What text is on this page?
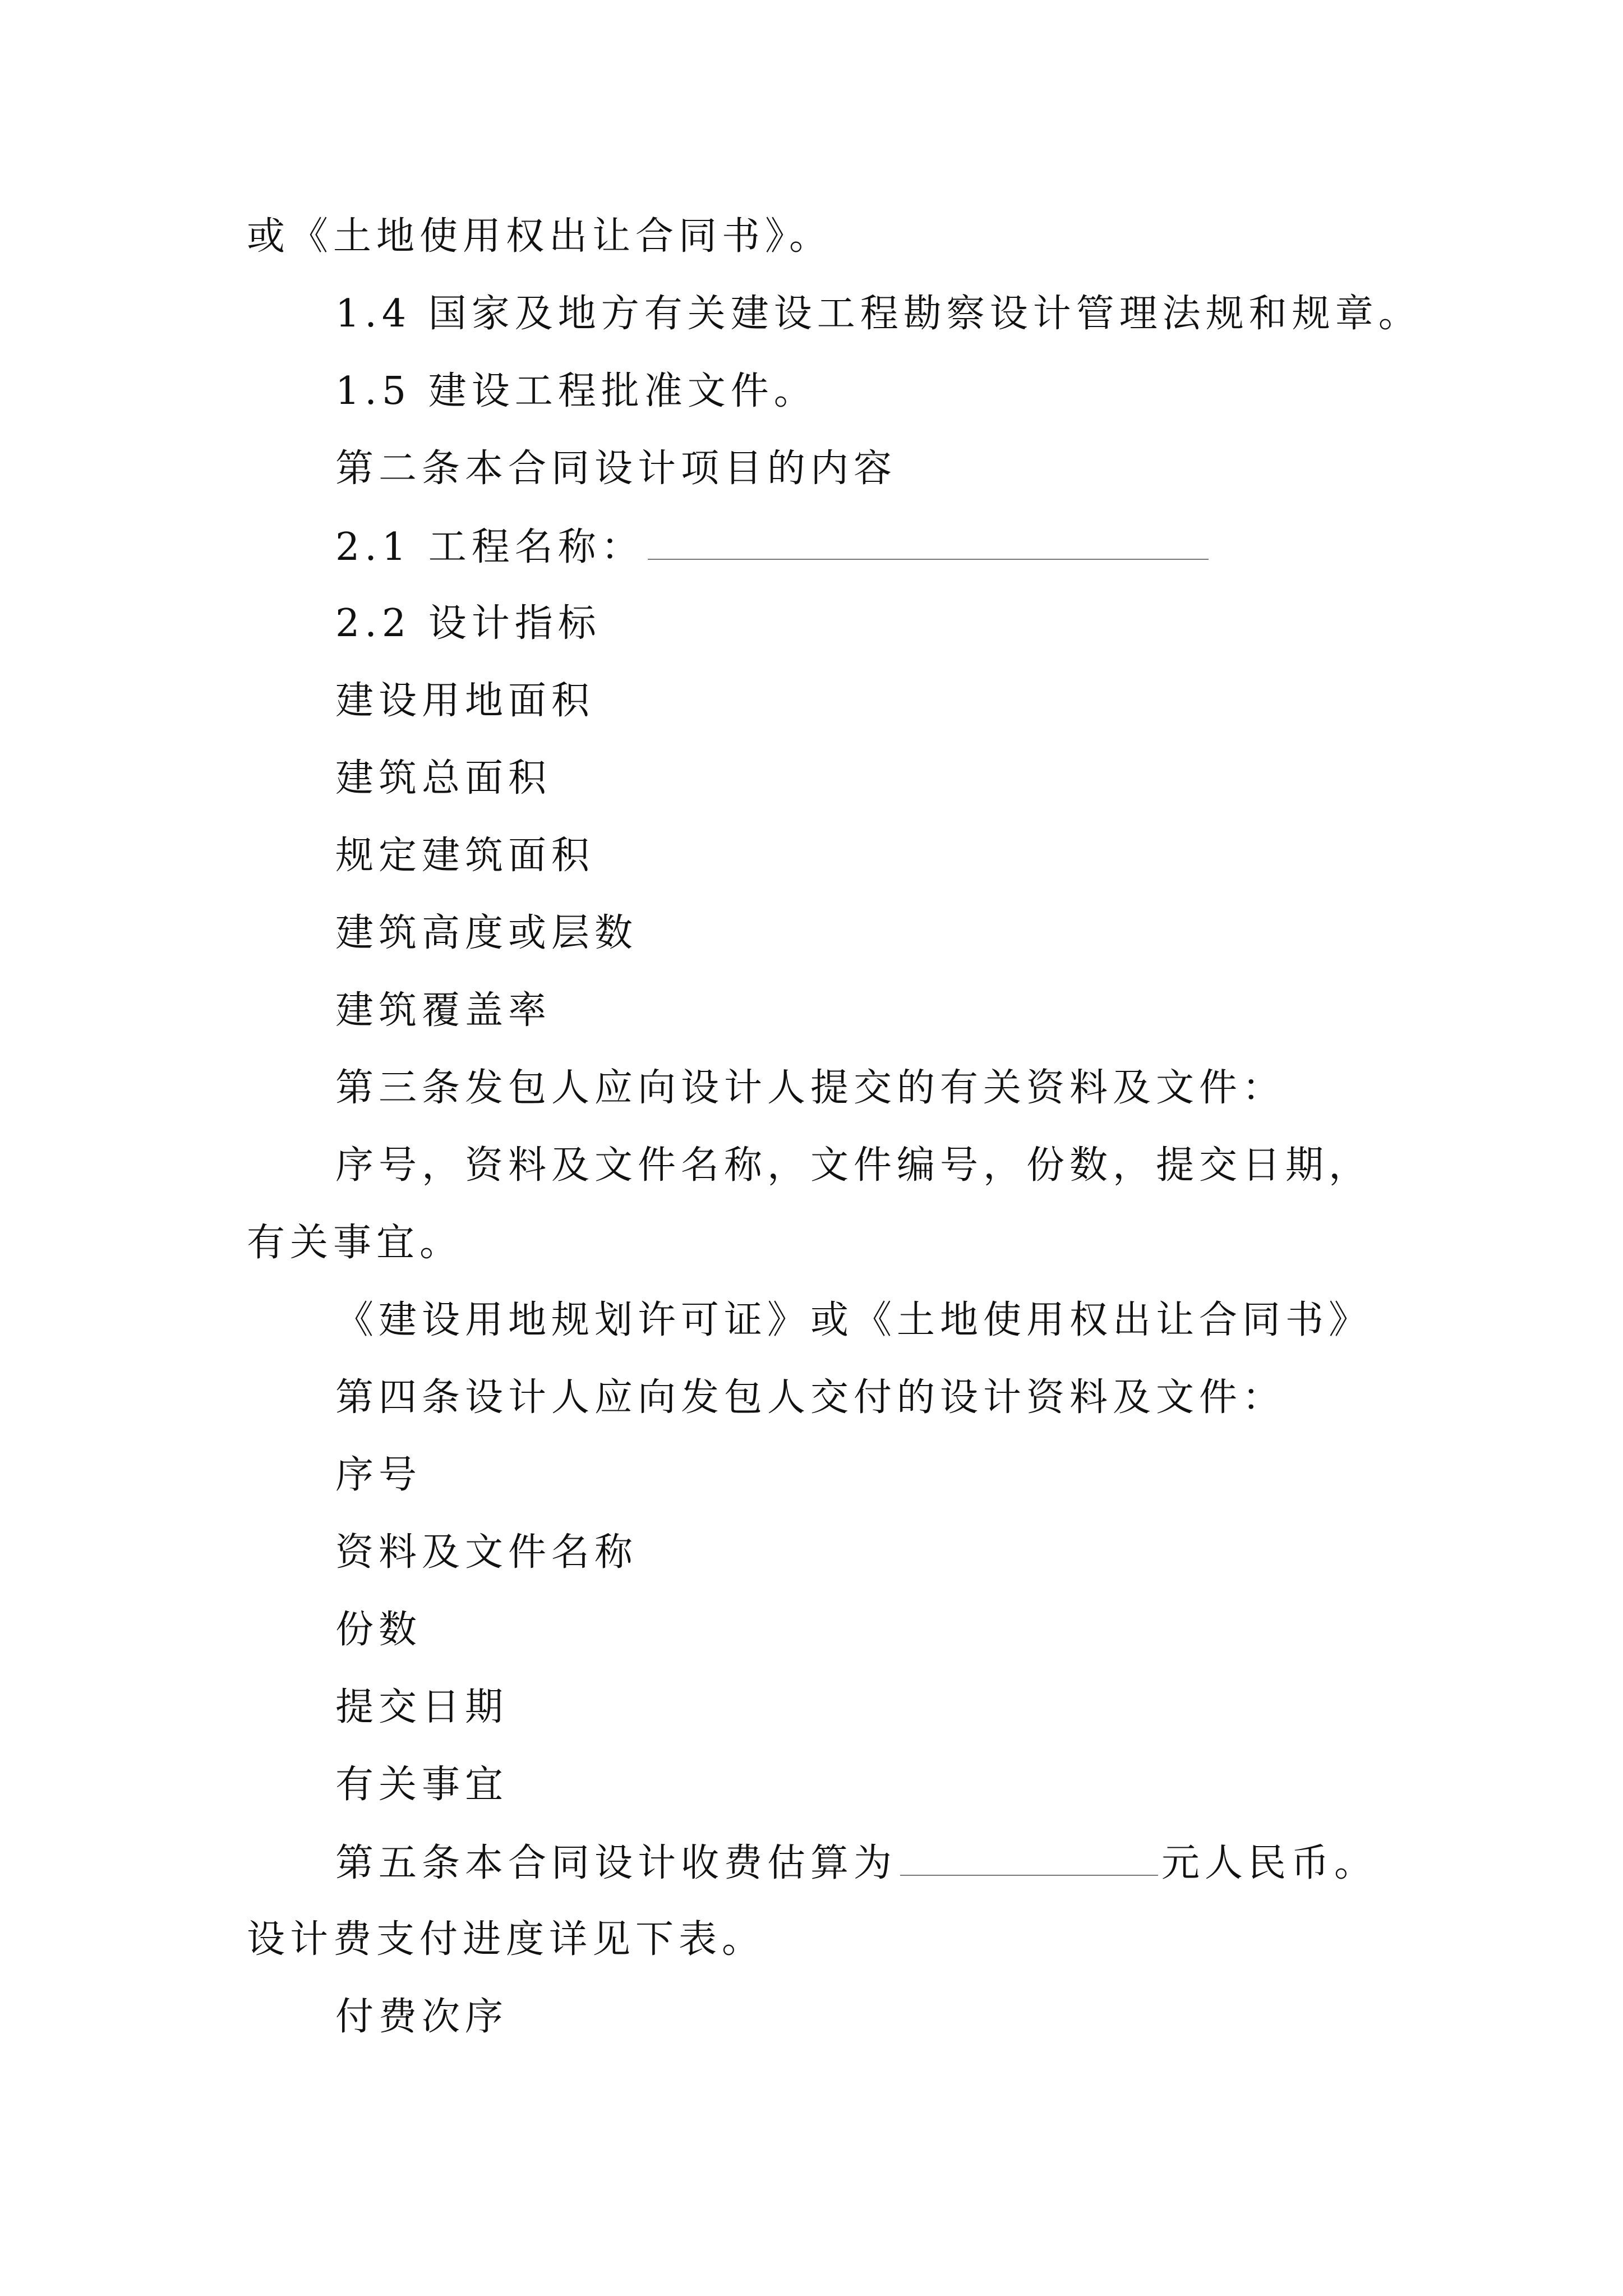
或《土地使用权出让合同书》。
1.4 国家及地方有关建设工程勘察设计管理法规和规章。
1.5 建设工程批准文件。
第二条本合同设计项目的内容
2.1 工程名称：
2.2 设计指标
建设用地面积
建筑总面积
规定建筑面积
建筑高度或层数
建筑覆盖率
第三条发包人应向设计人提交的有关资料及文件：
序号，资料及文件名称，文件编号，份数，提交日期，
有关事宜。
《建设用地规划许可证》或《土地使用权出让合同书》
第四条设计人应向发包人交付的设计资料及文件：
序号
资料及文件名称
份数
提交日期
有关事宜
第五条本合同设计收费估算为	元人民币。
设计费支付进度详见下表。
付费次序
